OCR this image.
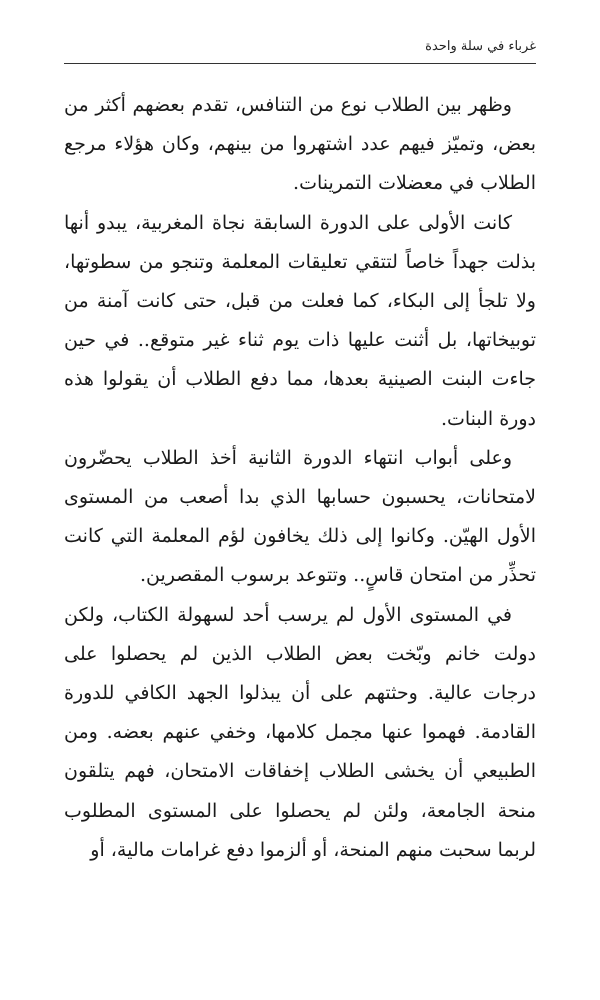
غرباء في سلة واحدة

وظهر بين الطلاب نوع من التنافس، تقدم بعضهم أكثر من بعض، وتميّز فيهم عدد اشتهروا من بينهم، وكان هؤلاء مرجع الطلاب في معضلات التمرينات.

كانت الأولى على الدورة السابقة نجاة المغربية، يبدو أنها بذلت جهداً خاصاً لتتقي تعليقات المعلمة وتنجو من سطوتها، ولا تلجأ إلى البكاء، كما فعلت من قبل، حتى كانت آمنة من توبيخاتها، بل أثنت عليها ذات يوم ثناء غير متوقع.. في حين جاءت البنت الصينية بعدها، مما دفع الطلاب أن يقولوا هذه دورة البنات.

وعلى أبواب انتهاء الدورة الثانية أخذ الطلاب يحضّرون لامتحانات، يحسبون حسابها الذي بدا أصعب من المستوى الأول الهيّن. وكانوا إلى ذلك يخافون لؤم المعلمة التي كانت تحذِّر من امتحان قاسٍ.. وتتوعد برسوب المقصرين.

في المستوى الأول لم يرسب أحد لسهولة الكتاب، ولكن دولت خانم وبّخت بعض الطلاب الذين لم يحصلوا على درجات عالية. وحثتهم على أن يبذلوا الجهد الكافي للدورة القادمة. فهموا عنها مجمل كلامها، وخفي عنهم بعضه. ومن الطبيعي أن يخشى الطلاب إخفاقات الامتحان، فهم يتلقون منحة الجامعة، ولئن لم يحصلوا على المستوى المطلوب لربما سحبت منهم المنحة، أو ألزموا دفع غرامات مالية، أو
